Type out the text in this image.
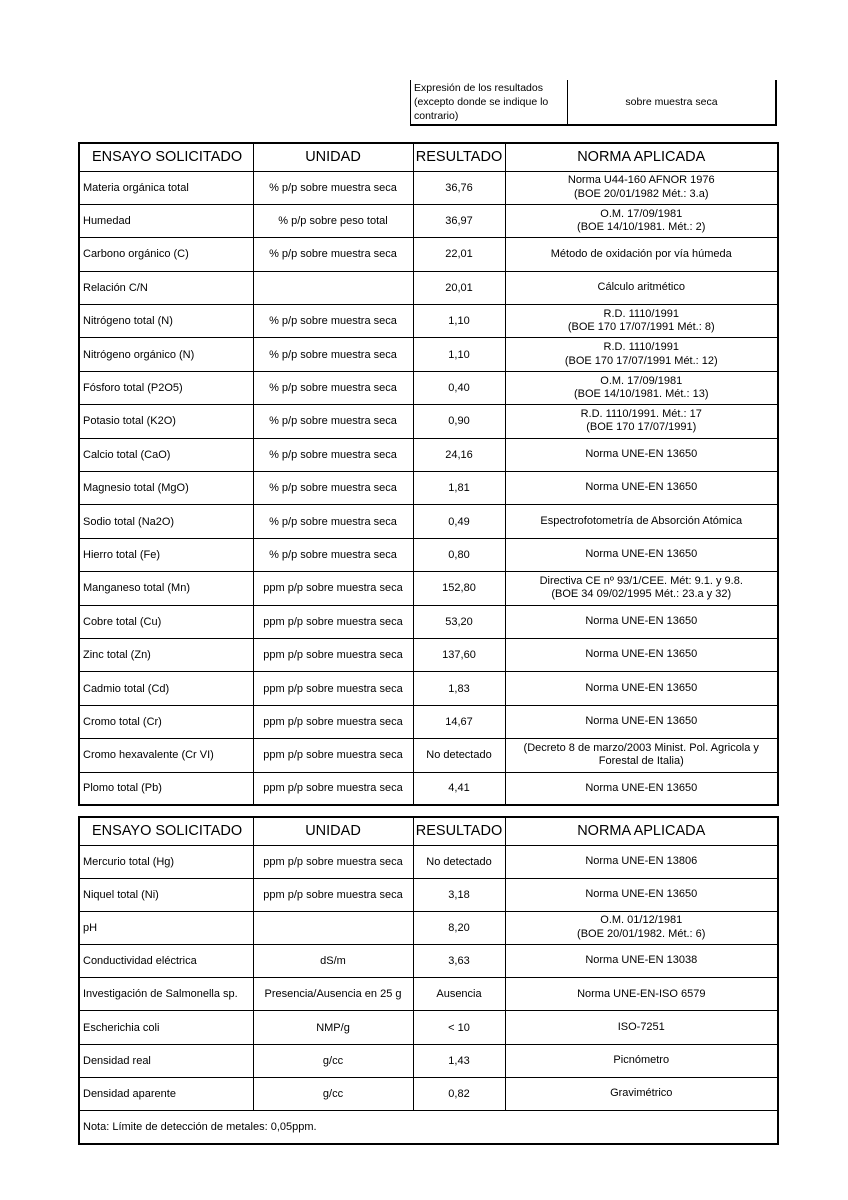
Expresión de los resultados
(excepto donde se indique lo
contrario)	sobre muestra seca
ENSAYO SOLICITADO	UNIDAD	RESULTADO	NORMA APLICADA
Materia orgánica total	% p/p sobre muestra seca	36,76	Norma U44-160 AFNOR 1976
(BOE 20/01/1982 Mét.: 3.a)
Humedad	% p/p sobre peso total	36,97	O.M. 17/09/1981
(BOE 14/10/1981. Mét.: 2)
Carbono orgánico (C)	% p/p sobre muestra seca	22,01	Método de oxidación por vía húmeda
Relación C/N		20,01	Cálculo aritmético
Nitrógeno total (N)	% p/p sobre muestra seca	1,10	R.D. 1110/1991
(BOE 170 17/07/1991 Mét.: 8)
Nitrógeno orgánico (N)	% p/p sobre muestra seca	1,10	R.D. 1110/1991
(BOE 170 17/07/1991 Mét.: 12)
Fósforo total (P2O5)	% p/p sobre muestra seca	0,40	O.M. 17/09/1981
(BOE 14/10/1981. Mét.: 13)
Potasio total (K2O)	% p/p sobre muestra seca	0,90	R.D. 1110/1991. Mét.: 17
(BOE 170 17/07/1991)
Calcio total (CaO)	% p/p sobre muestra seca	24,16	Norma UNE-EN 13650
Magnesio total (MgO)	% p/p sobre muestra seca	1,81	Norma UNE-EN 13650
Sodio total (Na2O)	% p/p sobre muestra seca	0,49	Espectrofotometría de Absorción Atómica
Hierro total (Fe)	% p/p sobre muestra seca	0,80	Norma UNE-EN 13650
Manganeso total (Mn)	ppm p/p sobre muestra seca	152,80	Directiva CE nº 93/1/CEE. Mét: 9.1. y 9.8.
(BOE 34 09/02/1995 Mét.: 23.a y 32)
Cobre total (Cu)	ppm p/p sobre muestra seca	53,20	Norma UNE-EN 13650
Zinc total (Zn)	ppm p/p sobre muestra seca	137,60	Norma UNE-EN 13650
Cadmio total (Cd)	ppm p/p sobre muestra seca	1,83	Norma UNE-EN 13650
Cromo total (Cr)	ppm p/p sobre muestra seca	14,67	Norma UNE-EN 13650
Cromo hexavalente (Cr VI)	ppm p/p sobre muestra seca	No detectado	(Decreto 8 de marzo/2003 Minist. Pol. Agricola y
Forestal de Italia)
Plomo total (Pb)	ppm p/p sobre muestra seca	4,41	Norma UNE-EN 13650
ENSAYO SOLICITADO	UNIDAD	RESULTADO	NORMA APLICADA
Mercurio total (Hg)	ppm p/p sobre muestra seca	No detectado	Norma UNE-EN 13806
Niquel total (Ni)	ppm p/p sobre muestra seca	3,18	Norma UNE-EN 13650
pH		8,20	O.M. 01/12/1981
(BOE 20/01/1982. Mét.: 6)
Conductividad eléctrica	dS/m	3,63	Norma UNE-EN 13038
Investigación de Salmonella sp.	Presencia/Ausencia en 25 g	Ausencia	Norma UNE-EN-ISO 6579
Escherichia coli	NMP/g	< 10	ISO-7251
Densidad real	g/cc	1,43	Picnómetro
Densidad aparente	g/cc	0,82	Gravimétrico
Nota: Límite de detección de metales: 0,05ppm.			
